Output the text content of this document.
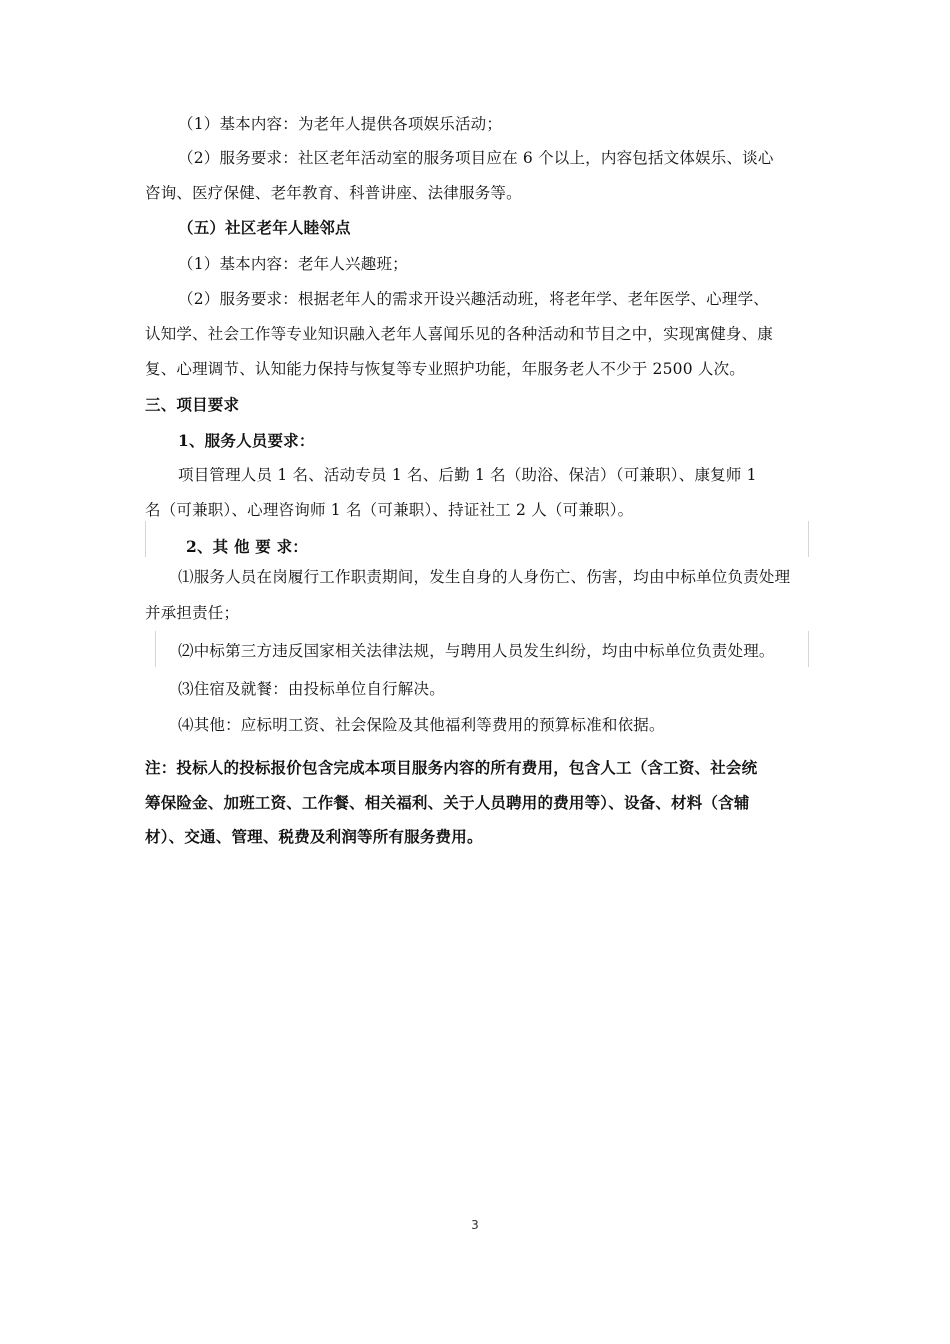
（1）基本内容：为老年人提供各项娱乐活动；
（2）服务要求：社区老年活动室的服务项目应在 6 个以上，内容包括文体娱乐、谈心
咨询、医疗保健、老年教育、科普讲座、法律服务等。
（五）社区老年人睦邻点
（1）基本内容：老年人兴趣班；
（2）服务要求：根据老年人的需求开设兴趣活动班，将老年学、老年医学、心理学、
认知学、社会工作等专业知识融入老年人喜闻乐见的各种活动和节目之中，实现寓健身、康
复、心理调节、认知能力保持与恢复等专业照护功能，年服务老人不少于 2500 人次。
三、项目要求
1、服务人员要求：
项目管理人员 1 名、活动专员 1 名、后勤 1 名（助浴、保洁）（可兼职）、康复师 1
名（可兼职）、心理咨询师 1 名（可兼职）、持证社工 2 人（可兼职）。
2、其 他 要 求：
⑴服务人员在岗履行工作职责期间，发生自身的人身伤亡、伤害，均由中标单位负责处理
并承担责任；
⑵中标第三方违反国家相关法律法规，与聘用人员发生纠纷，均由中标单位负责处理。
⑶住宿及就餐：由投标单位自行解决。
⑷其他：应标明工资、社会保险及其他福利等费用的预算标准和依据。
注：投标人的投标报价包含完成本项目服务内容的所有费用，包含人工（含工资、社会统
筹保险金、加班工资、工作餐、相关福利、关于人员聘用的费用等）、设备、材料（含辅
材）、交通、管理、税费及利润等所有服务费用。
3
